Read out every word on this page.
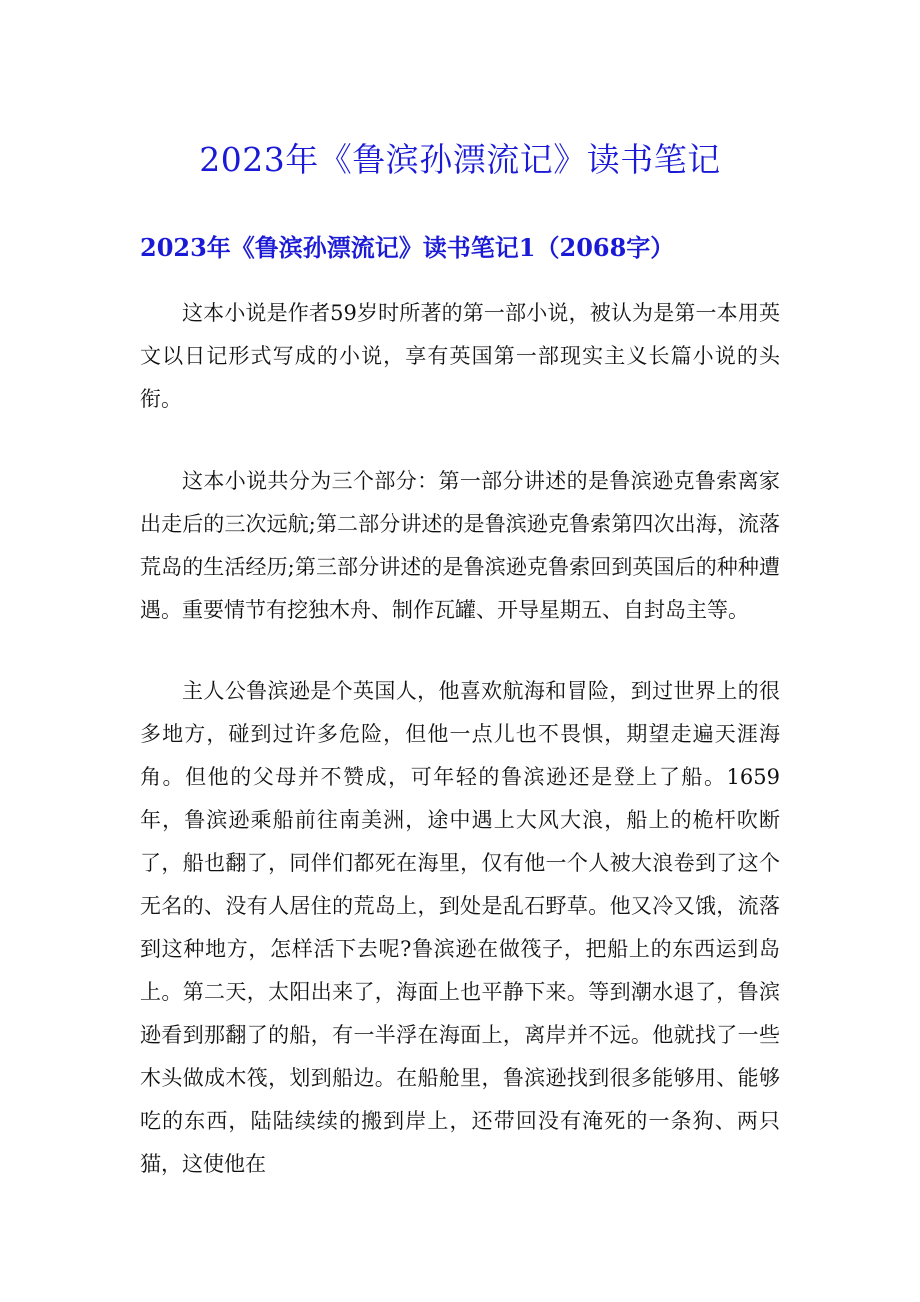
2023年《鲁滨孙漂流记》读书笔记
2023年《鲁滨孙漂流记》读书笔记1（2068字）

这本小说是作者59岁时所著的第一部小说，被认为是第一本用英文以日记形式写成的小说，享有英国第一部现实主义长篇小说的头衔。

这本小说共分为三个部分：第一部分讲述的是鲁滨逊克鲁索离家出走后的三次远航;第二部分讲述的是鲁滨逊克鲁索第四次出海，流落荒岛的生活经历;第三部分讲述的是鲁滨逊克鲁索回到英国后的种种遭遇。重要情节有挖独木舟、制作瓦罐、开导星期五、自封岛主等。

主人公鲁滨逊是个英国人，他喜欢航海和冒险，到过世界上的很多地方，碰到过许多危险，但他一点儿也不畏惧，期望走遍天涯海角。但他的父母并不赞成，可年轻的鲁滨逊还是登上了船。1659年，鲁滨逊乘船前往南美洲，途中遇上大风大浪，船上的桅杆吹断了，船也翻了，同伴们都死在海里，仅有他一个人被大浪卷到了这个无名的、没有人居住的荒岛上，到处是乱石野草。他又冷又饿，流落到这种地方，怎样活下去呢?鲁滨逊在做筏子，把船上的东西运到岛上。第二天，太阳出来了，海面上也平静下来。等到潮水退了，鲁滨逊看到那翻了的船，有一半浮在海面上，离岸并不远。他就找了一些木头做成木筏，划到船边。在船舱里，鲁滨逊找到很多能够用、能够吃的东西，陆陆续续的搬到岸上，还带回没有淹死的一条狗、两只猫，这使他在
